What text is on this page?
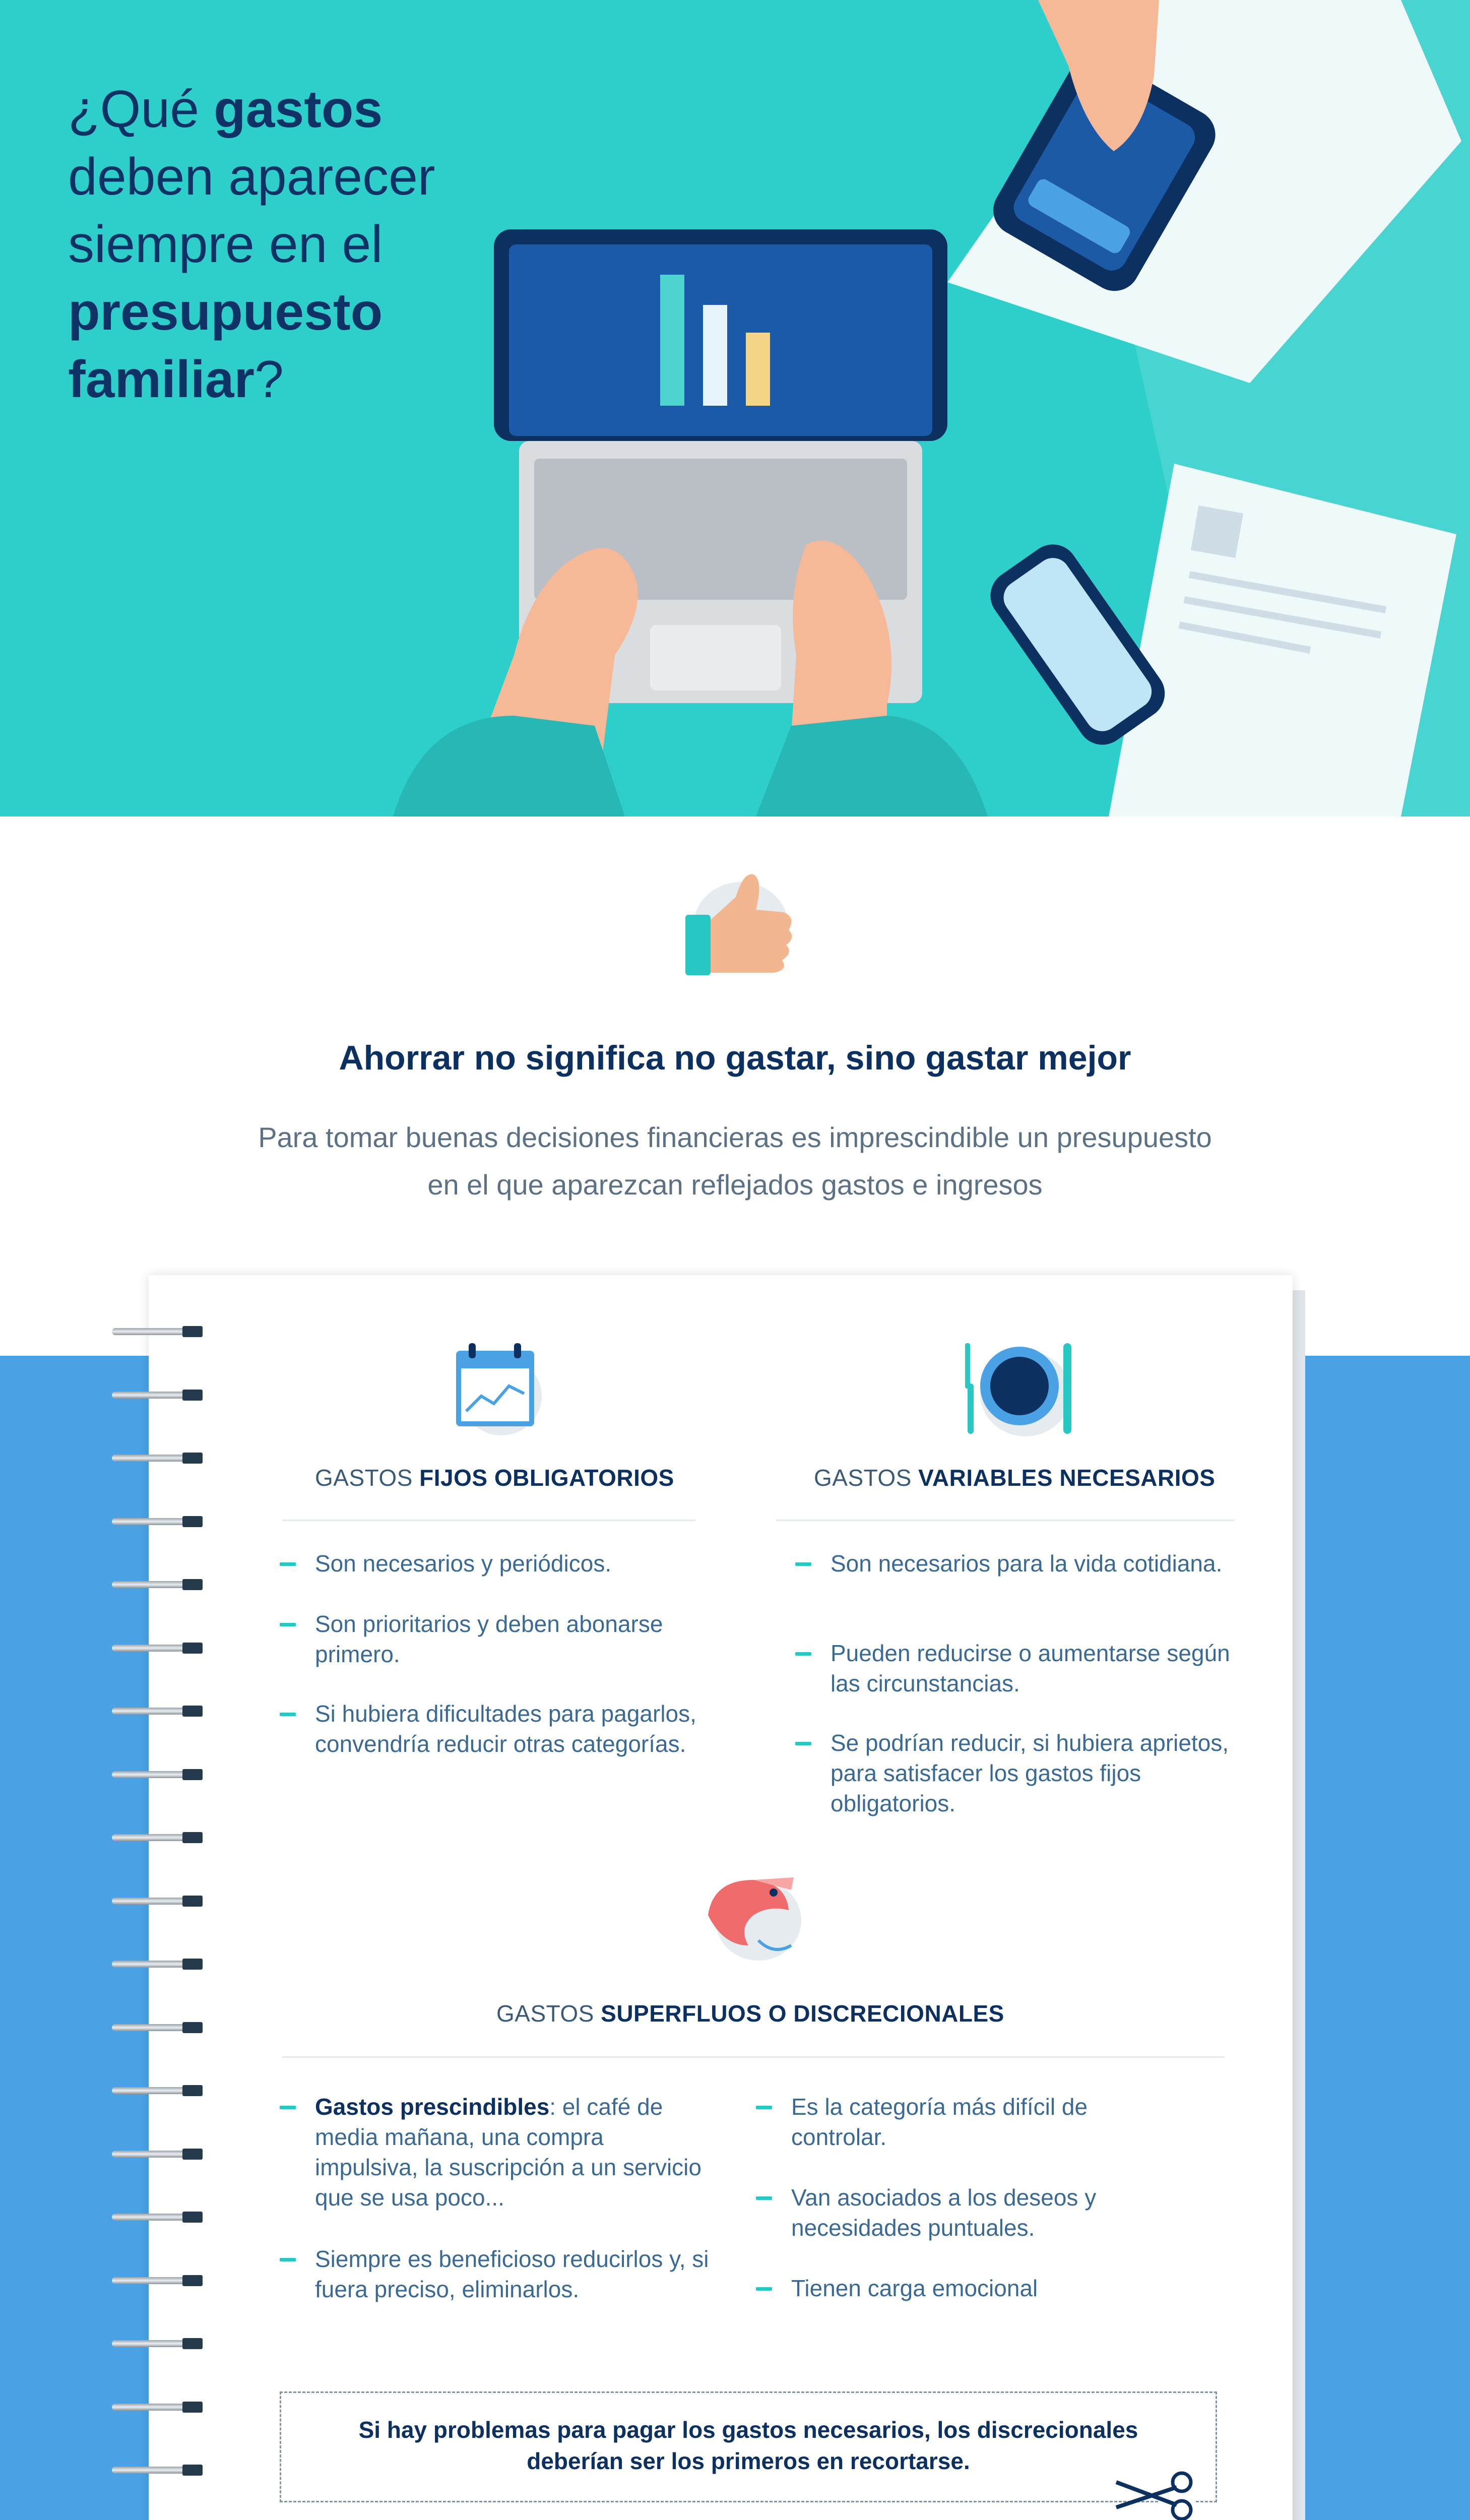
¿Qué gastos
deben aparecer siempre en el
presupuesto familiar?
Ahorrar no significa no gastar, sino gastar mejor
Para tomar buenas decisiones financieras es imprescindible un presupuesto
en el que aparezcan reflejados gastos e ingresos
GASTOS FIJOS OBLIGATORIOS
Son necesarios y periódicos.
Son prioritarios y deben abonarse primero.
Si hubiera dificultades para pagarlos, convendría reducir otras categorías.
GASTOS VARIABLES NECESARIOS
Son necesarios para la vida cotidiana.
Pueden reducirse o aumentarse según las circunstancias.
Se podrían reducir, si hubiera aprietos, para satisfacer los gastos fijos obligatorios.
GASTOS SUPERFLUOS O DISCRECIONALES
Gastos prescindibles: el café de media mañana, una compra impulsiva, la suscripción a un servicio que se usa poco...
Siempre es beneficioso reducirlos y, si fuera preciso, eliminarlos.
Es la categoría más difícil de controlar.
Van asociados a los deseos y necesidades puntuales.
Tienen carga emocional
Si hay problemas para pagar los gastos necesarios, los discrecionales
deberían ser los primeros en recortarse.
